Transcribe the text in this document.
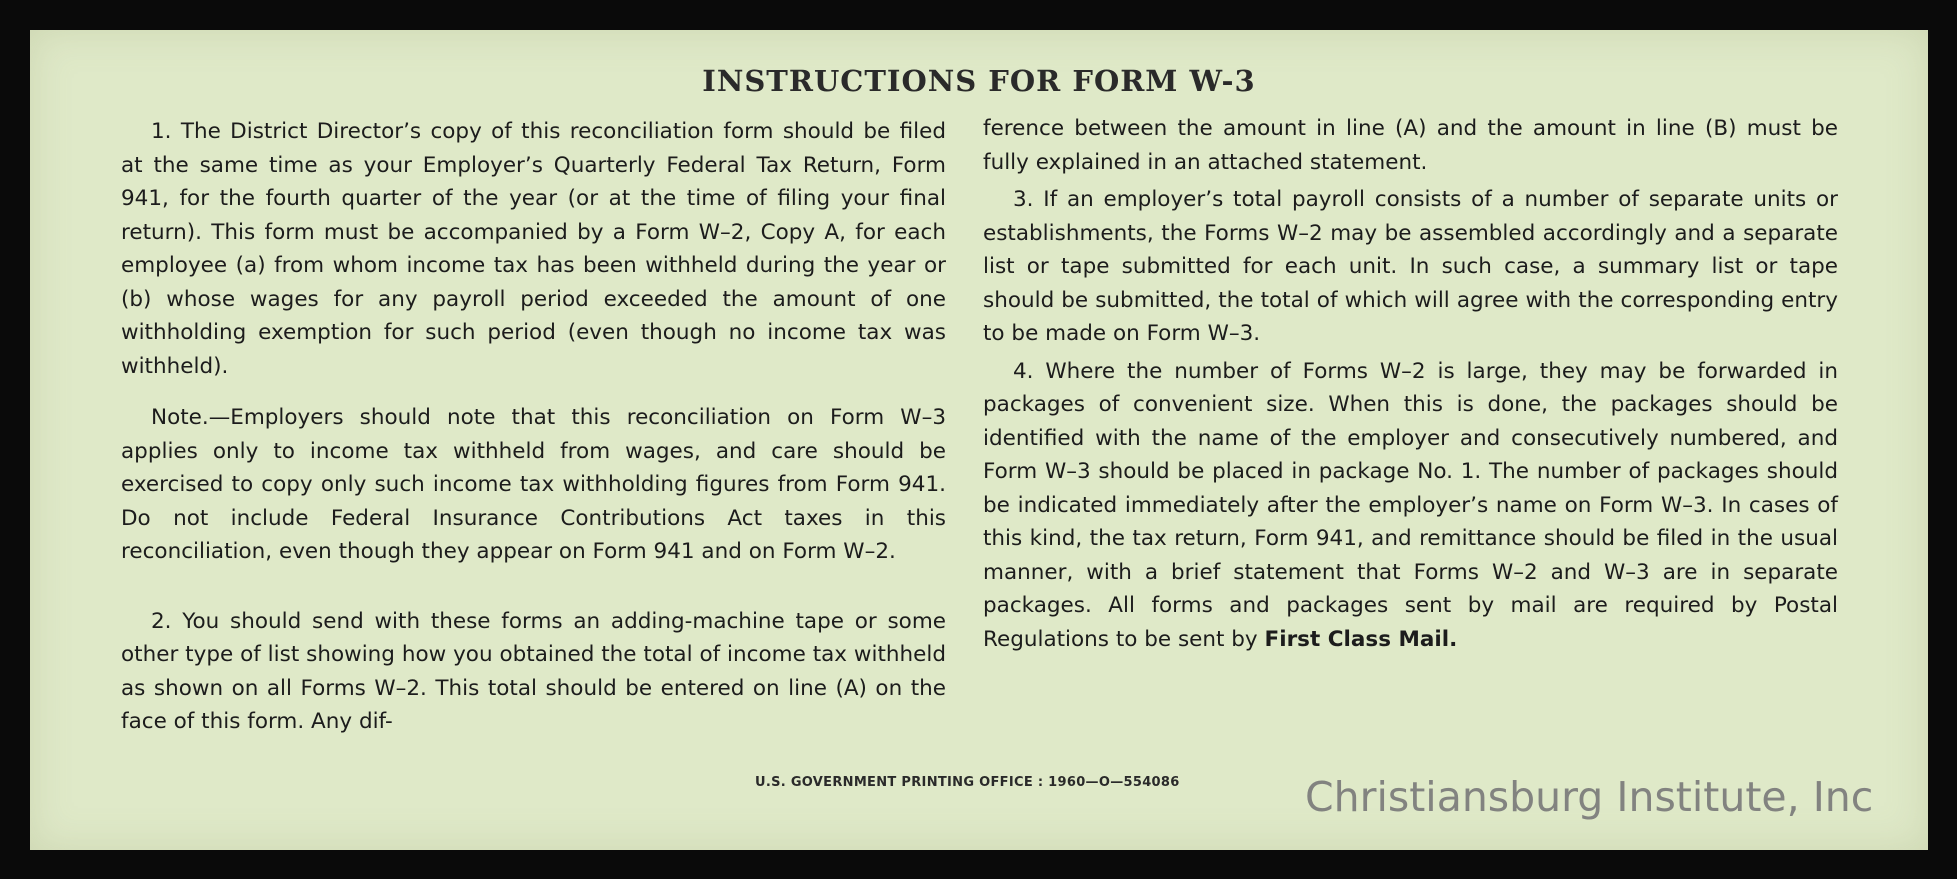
INSTRUCTIONS FOR FORM W-3

1. The District Director’s copy of this reconciliation form should be filed at the same time as your Employer’s Quarterly Federal Tax Return, Form 941, for the fourth quarter of the year (or at the time of filing your final return). This form must be accompanied by a Form W–2, Copy A, for each employee (a) from whom income tax has been withheld during the year or (b) whose wages for any payroll period exceeded the amount of one withholding exemption for such period (even though no income tax was withheld).

Note.—Employers should note that this reconciliation on Form W–3 applies only to income tax withheld from wages, and care should be exercised to copy only such income tax withholding figures from Form 941. Do not include Federal Insurance Contributions Act taxes in this reconciliation, even though they appear on Form 941 and on Form W–2.

2. You should send with these forms an adding-machine tape or some other type of list showing how you obtained the total of income tax withheld as shown on all Forms W–2. This total should be entered on line (A) on the face of this form. Any dif-

ference between the amount in line (A) and the amount in line (B) must be fully explained in an attached statement.

3. If an employer’s total payroll consists of a number of separate units or establishments, the Forms W–2 may be assembled accordingly and a separate list or tape submitted for each unit. In such case, a summary list or tape should be submitted, the total of which will agree with the corresponding entry to be made on Form W–3.

4. Where the number of Forms W–2 is large, they may be forwarded in packages of convenient size. When this is done, the packages should be identified with the name of the employer and consecutively numbered, and Form W–3 should be placed in package No. 1. The number of packages should be indicated immediately after the employer’s name on Form W–3. In cases of this kind, the tax return, Form 941, and remittance should be filed in the usual manner, with a brief statement that Forms W–2 and W–3 are in separate packages. All forms and packages sent by mail are required by Postal Regulations to be sent by First Class Mail.

U.S. GOVERNMENT PRINTING OFFICE : 1960—O—554086	Christiansburg Institute, Inc
